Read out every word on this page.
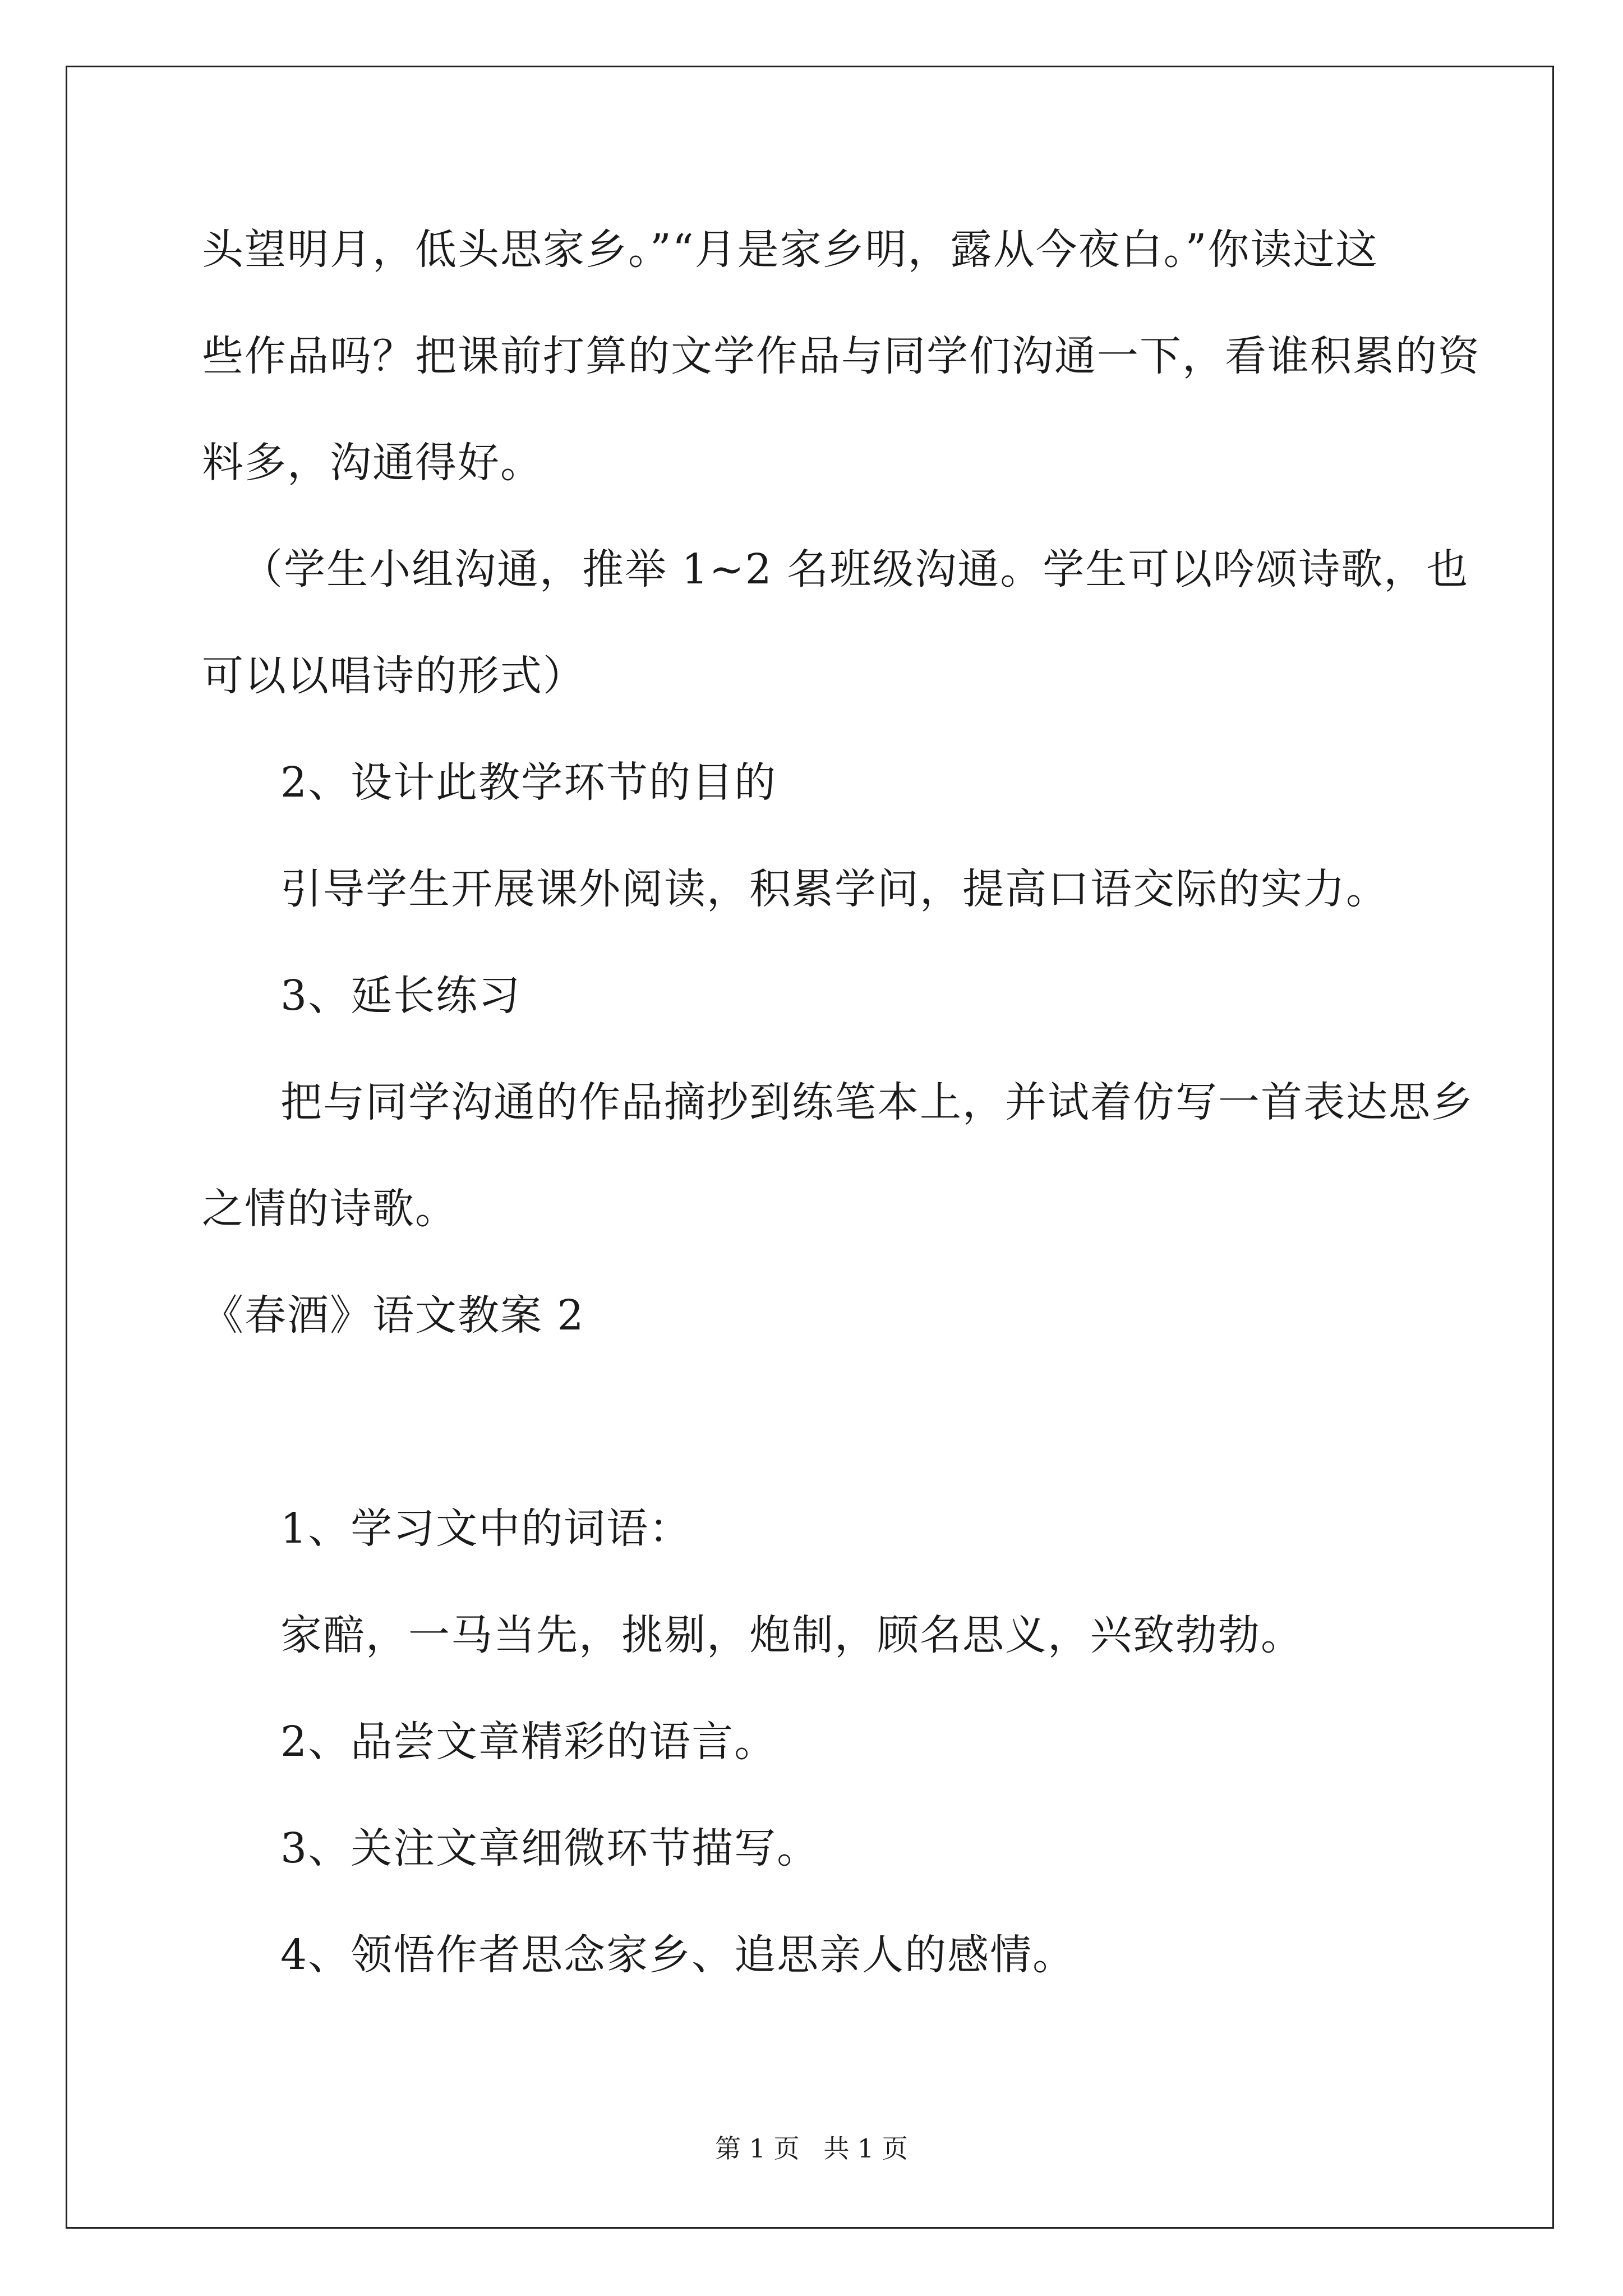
头望明月，低头思家乡。”“月是家乡明，露从今夜白。”你读过这
些作品吗？把课前打算的文学作品与同学们沟通一下，看谁积累的资
料多，沟通得好。
（学生小组沟通，推举 1~2 名班级沟通。学生可以吟颂诗歌，也
可以以唱诗的形式）
2、设计此教学环节的目的
引导学生开展课外阅读，积累学问，提高口语交际的实力。
3、延长练习
把与同学沟通的作品摘抄到练笔本上，并试着仿写一首表达思乡
之情的诗歌。
《春酒》语文教案 2
1、学习文中的词语：
家醅，一马当先，挑剔，炮制，顾名思义，兴致勃勃。
2、品尝文章精彩的语言。
3、关注文章细微环节描写。
4、领悟作者思念家乡、追思亲人的感情。
第 1 页 共 1 页
